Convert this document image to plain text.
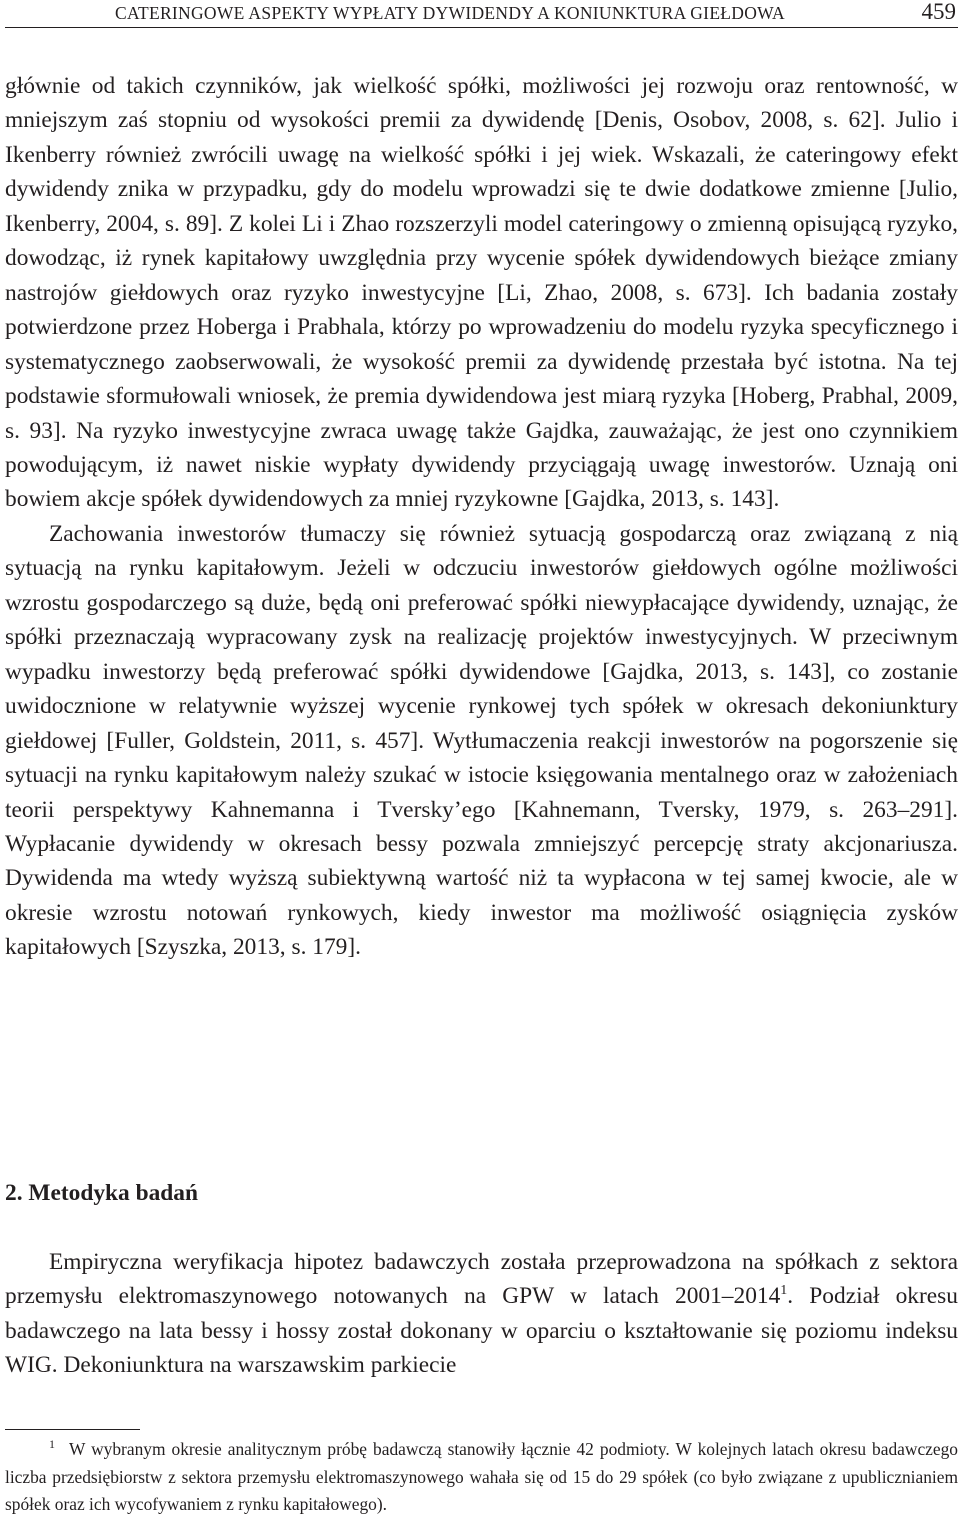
CATERINGOWE ASPEKTY WYPŁATY DYWIDENDY A KONIUNKTURA GIEŁDOWA	459

głównie od takich czynników, jak wielkość spółki, możliwości jej rozwoju oraz rentowność, w mniejszym zaś stopniu od wysokości premii za dywidendę [Denis, Osobov, 2008, s. 62]. Julio i Ikenberry również zwrócili uwagę na wielkość spółki i jej wiek. Wskazali, że cateringowy efekt dywidendy znika w przypadku, gdy do modelu wprowadzi się te dwie dodatkowe zmienne [Julio, Ikenberry, 2004, s. 89]. Z kolei Li i Zhao rozszerzyli model cateringowy o zmienną opisującą ryzyko, dowodząc, iż rynek kapitałowy uwzględnia przy wycenie spółek dywidendowych bieżące zmiany nastrojów giełdowych oraz ryzyko inwestycyjne [Li, Zhao, 2008, s. 673]. Ich badania zostały potwierdzone przez Hoberga i Prabhala, którzy po wprowadzeniu do modelu ryzyka specyficznego i systematycznego zaobserwowali, że wysokość premii za dywidendę przestała być istotna. Na tej podstawie sformułowali wniosek, że premia dywidendowa jest miarą ryzyka [Hoberg, Prabhal, 2009, s. 93]. Na ryzyko inwestycyjne zwraca uwagę także Gajdka, zauważając, że jest ono czynnikiem powodującym, iż nawet niskie wypłaty dywidendy przyciągają uwagę inwestorów. Uznają oni bowiem akcje spółek dywidendowych za mniej ryzykowne [Gajdka, 2013, s. 143].

Zachowania inwestorów tłumaczy się również sytuacją gospodarczą oraz związaną z nią sytuacją na rynku kapitałowym. Jeżeli w odczuciu inwestorów giełdowych ogólne możliwości wzrostu gospodarczego są duże, będą oni preferować spółki niewypłacające dywidendy, uznając, że spółki przeznaczają wypracowany zysk na realizację projektów inwestycyjnych. W przeciwnym wypadku inwestorzy będą preferować spółki dywidendowe [Gajdka, 2013, s. 143], co zostanie uwidocznione w relatywnie wyższej wycenie rynkowej tych spółek w okresach dekoniunktury giełdowej [Fuller, Goldstein, 2011, s. 457]. Wytłumaczenia reakcji inwestorów na pogorszenie się sytuacji na rynku kapitałowym należy szukać w istocie księgowania mentalnego oraz w założeniach teorii perspektywy Kahnemanna i Tversky’ego [Kahnemann, Tversky, 1979, s. 263–291]. Wypłacanie dywidendy w okresach bessy pozwala zmniejszyć percepcję straty akcjonariusza. Dywidenda ma wtedy wyższą subiektywną wartość niż ta wypłacona w tej samej kwocie, ale w okresie wzrostu notowań rynkowych, kiedy inwestor ma możliwość osiągnięcia zysków kapitałowych [Szyszka, 2013, s. 179].

2. Metodyka badań

Empiryczna weryfikacja hipotez badawczych została przeprowadzona na spółkach z sektora przemysłu elektromaszynowego notowanych na GPW w latach 2001–2014$^1$. Podział okresu badawczego na lata bessy i hossy został dokonany w oparciu o kształtowanie się poziomu indeksu WIG. Dekoniunktura na warszawskim parkiecie

$^1$ W wybranym okresie analitycznym próbę badawczą stanowiły łącznie 42 podmioty. W kolejnych latach okresu badawczego liczba przedsiębiorstw z sektora przemysłu elektromaszynowego wahała się od 15 do 29 spółek (co było związane z upublicznianiem spółek oraz ich wycofywaniem z rynku kapitałowego).
